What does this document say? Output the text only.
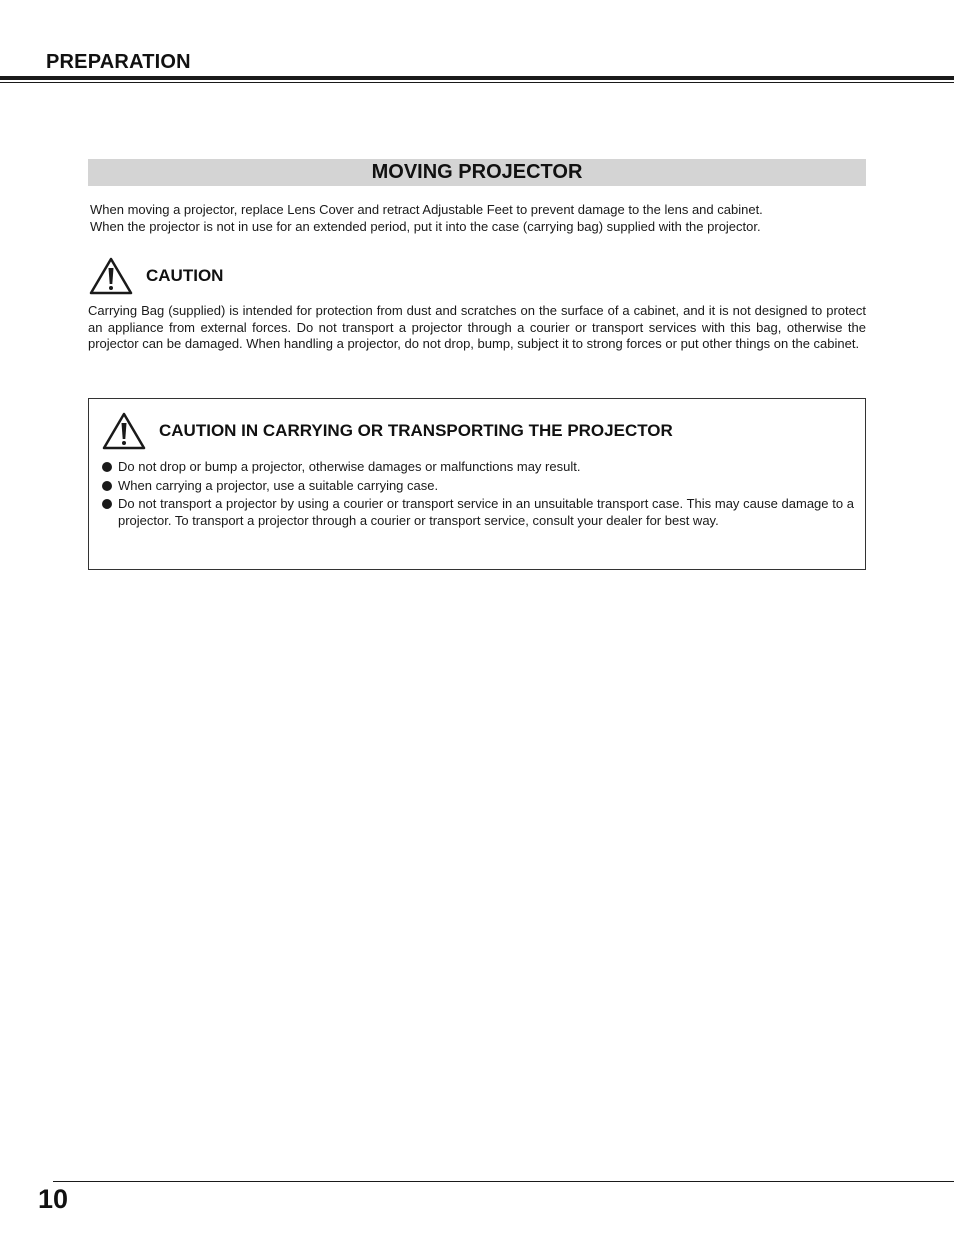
PREPARATION
MOVING PROJECTOR

When moving a projector, replace Lens Cover and retract Adjustable Feet to prevent damage to the lens and cabinet.

When the projector is not in use for an extended period, put it into the case (carrying bag) supplied with the projector.

CAUTION

Carrying Bag (supplied) is intended for protection from dust and scratches on the surface of a cabinet, and it is not designed to protect an appliance from external forces. Do not transport a projector through a courier or transport services with this bag, otherwise the projector can be damaged. When handling a projector, do not drop, bump, subject it to strong forces or put other things on the cabinet.

CAUTION IN CARRYING OR TRANSPORTING THE PROJECTOR
Do not drop or bump a projector, otherwise damages or malfunctions may result.
When carrying a projector, use a suitable carrying case.
Do not transport a projector by using a courier or transport service in an unsuitable transport case. This may cause damage to a projector. To transport a projector through a courier or transport service, consult your dealer for best way.
10
